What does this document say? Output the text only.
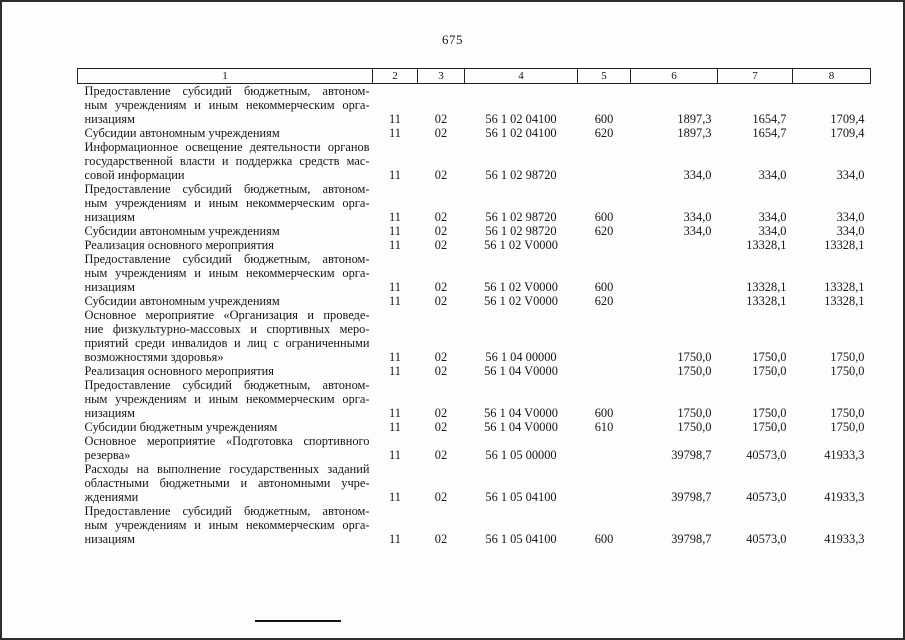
675
1	2	3	4	5	6	7	8

Предоставление субсидий бюджетным, автоном-
ным учреждениям и иным некоммерческим орга-
низациям	11	02	56 1 02 04100	600	1897,3	1654,7	1709,4

Субсидии автономным учреждениям	11	02	56 1 02 04100	620	1897,3	1654,7	1709,4

Информационное освещение деятельности органов
государственной власти и поддержка средств мас-
совой информации	11	02	56 1 02 98720		334,0	334,0	334,0

Предоставление субсидий бюджетным, автоном-
ным учреждениям и иным некоммерческим орга-
низациям	11	02	56 1 02 98720	600	334,0	334,0	334,0

Субсидии автономным учреждениям	11	02	56 1 02 98720	620	334,0	334,0	334,0

Реализация основного мероприятия	11	02	56 1 02 V0000			13328,1	13328,1

Предоставление субсидий бюджетным, автоном-
ным учреждениям и иным некоммерческим орга-
низациям	11	02	56 1 02 V0000	600		13328,1	13328,1

Субсидии автономным учреждениям	11	02	56 1 02 V0000	620		13328,1	13328,1

Основное мероприятие «Организация и проведе-
ние физкультурно-массовых и спортивных меро-
приятий среди инвалидов и лиц с ограниченными
возможностями здоровья»	11	02	56 1 04 00000		1750,0	1750,0	1750,0

Реализация основного мероприятия	11	02	56 1 04 V0000		1750,0	1750,0	1750,0

Предоставление субсидий бюджетным, автоном-
ным учреждениям и иным некоммерческим орга-
низациям	11	02	56 1 04 V0000	600	1750,0	1750,0	1750,0

Субсидии бюджетным учреждениям	11	02	56 1 04 V0000	610	1750,0	1750,0	1750,0

Основное мероприятие «Подготовка спортивного
резерва»	11	02	56 1 05 00000		39798,7	40573,0	41933,3

Расходы на выполнение государственных заданий
областными бюджетными и автономными учре-
ждениями	11	02	56 1 05 04100		39798,7	40573,0	41933,3

Предоставление субсидий бюджетным, автоном-
ным учреждениям и иным некоммерческим орга-
низациям	11	02	56 1 05 04100	600	39798,7	40573,0	41933,3
